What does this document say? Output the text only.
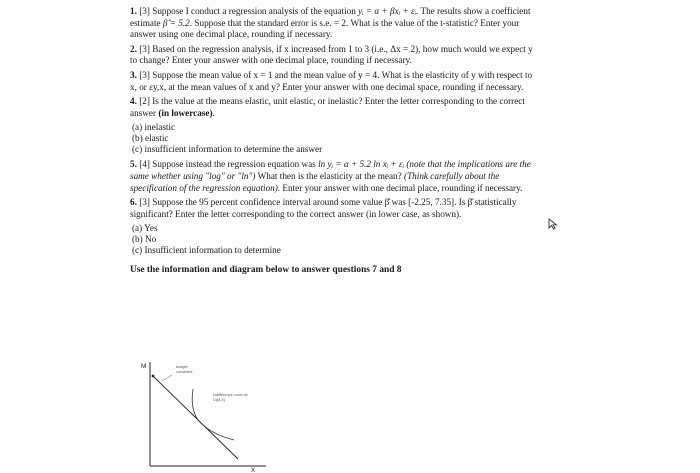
1. [3] Suppose I conduct a regression analysis of the equation yᵢ = α + βxᵢ + εᵢ. The results show a coefficient estimate β̂ = 5.2. Suppose that the standard error is s.e. = 2. What is the value of the t-statistic? Enter your answer using one decimal place, rounding if necessary.

2. [3] Based on the regression analysis, if x increased from 1 to 3 (i.e., Δx = 2), how much would we expect y to change? Enter your answer with one decimal place, rounding if necessary.

3. [3] Suppose the mean value of x = 1 and the mean value of y = 4. What is the elasticity of y with respect to x, or εy,x, at the mean values of x and y? Enter your answer with one decimal space, rounding if necessary.

4. [2] Is the value at the means elastic, unit elastic, or inelastic? Enter the letter corresponding to the correct answer (in lowercase).

(a) inelastic
(b) elastic
(c) insufficient information to determine the answer

5. [4] Suppose instead the regression equation was ln yᵢ = α + 5.2 ln xᵢ + εᵢ (note that the implications are the same whether using "log" or "ln") What then is the elasticity at the mean? (Think carefully about the specification of the regression equation). Enter your answer with one decimal place, rounding if necessary.

6. [3] Suppose the 95 percent confidence interval around some value β̂ was [-2.25, 7.35]. Is β̂ statistically significant? Enter the letter corresponding to the correct answer (in lower case, as shown).

(a) Yes
(b) No
(c) Insufficient information to determine
Use the information and diagram below to answer questions 7 and 8
M
X
budget
constraint
indifference curve for
U(M,X)
